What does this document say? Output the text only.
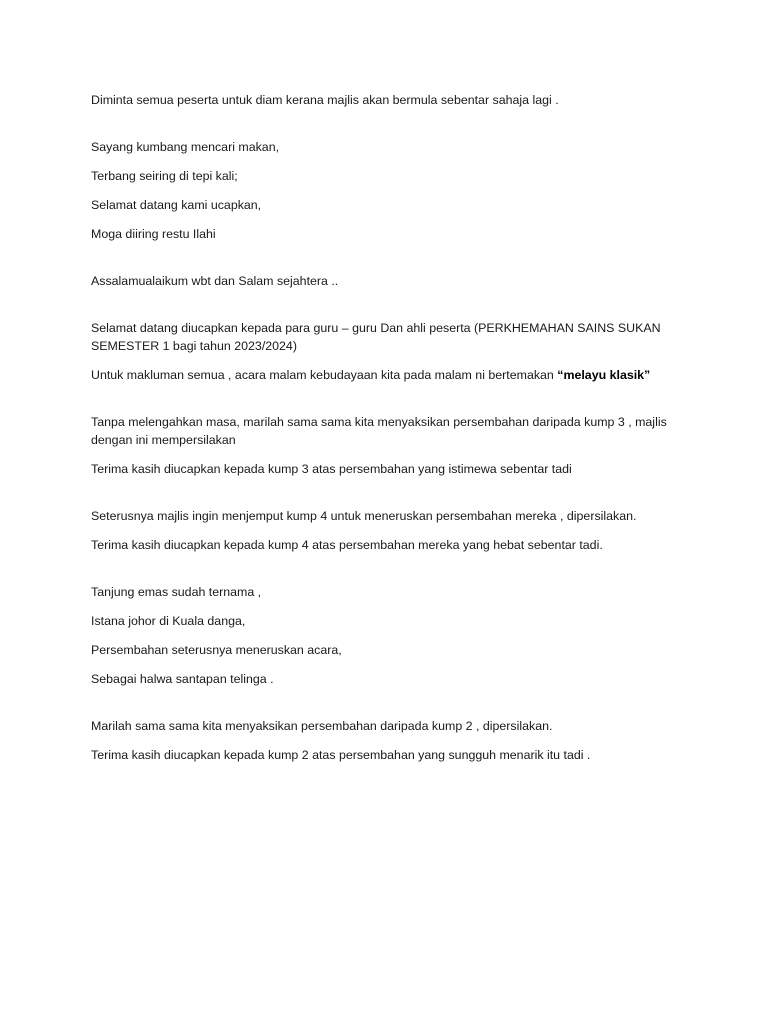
Diminta semua peserta untuk diam kerana majlis akan bermula sebentar sahaja lagi .

Sayang kumbang mencari makan,

Terbang seiring di tepi kali;

Selamat datang kami ucapkan,

Moga diiring restu Ilahi

Assalamualaikum wbt dan Salam sejahtera ..

Selamat datang diucapkan kepada para guru – guru Dan ahli peserta (PERKHEMAHAN SAINS SUKAN SEMESTER 1 bagi tahun 2023/2024)

Untuk makluman semua , acara malam kebudayaan kita pada malam ni bertemakan “melayu klasik”

Tanpa melengahkan masa, marilah sama sama kita menyaksikan persembahan daripada kump 3 , majlis dengan ini mempersilakan

Terima kasih diucapkan kepada kump 3 atas persembahan yang istimewa sebentar tadi

Seterusnya majlis ingin menjemput kump 4 untuk meneruskan persembahan mereka , dipersilakan.

Terima kasih diucapkan kepada kump 4 atas persembahan mereka yang hebat sebentar tadi.

Tanjung emas sudah ternama ,

Istana johor di Kuala danga,

Persembahan seterusnya meneruskan acara,

Sebagai halwa santapan telinga .

Marilah sama sama kita menyaksikan persembahan daripada kump 2 , dipersilakan.

Terima kasih diucapkan kepada kump 2 atas persembahan yang sungguh menarik itu tadi .
